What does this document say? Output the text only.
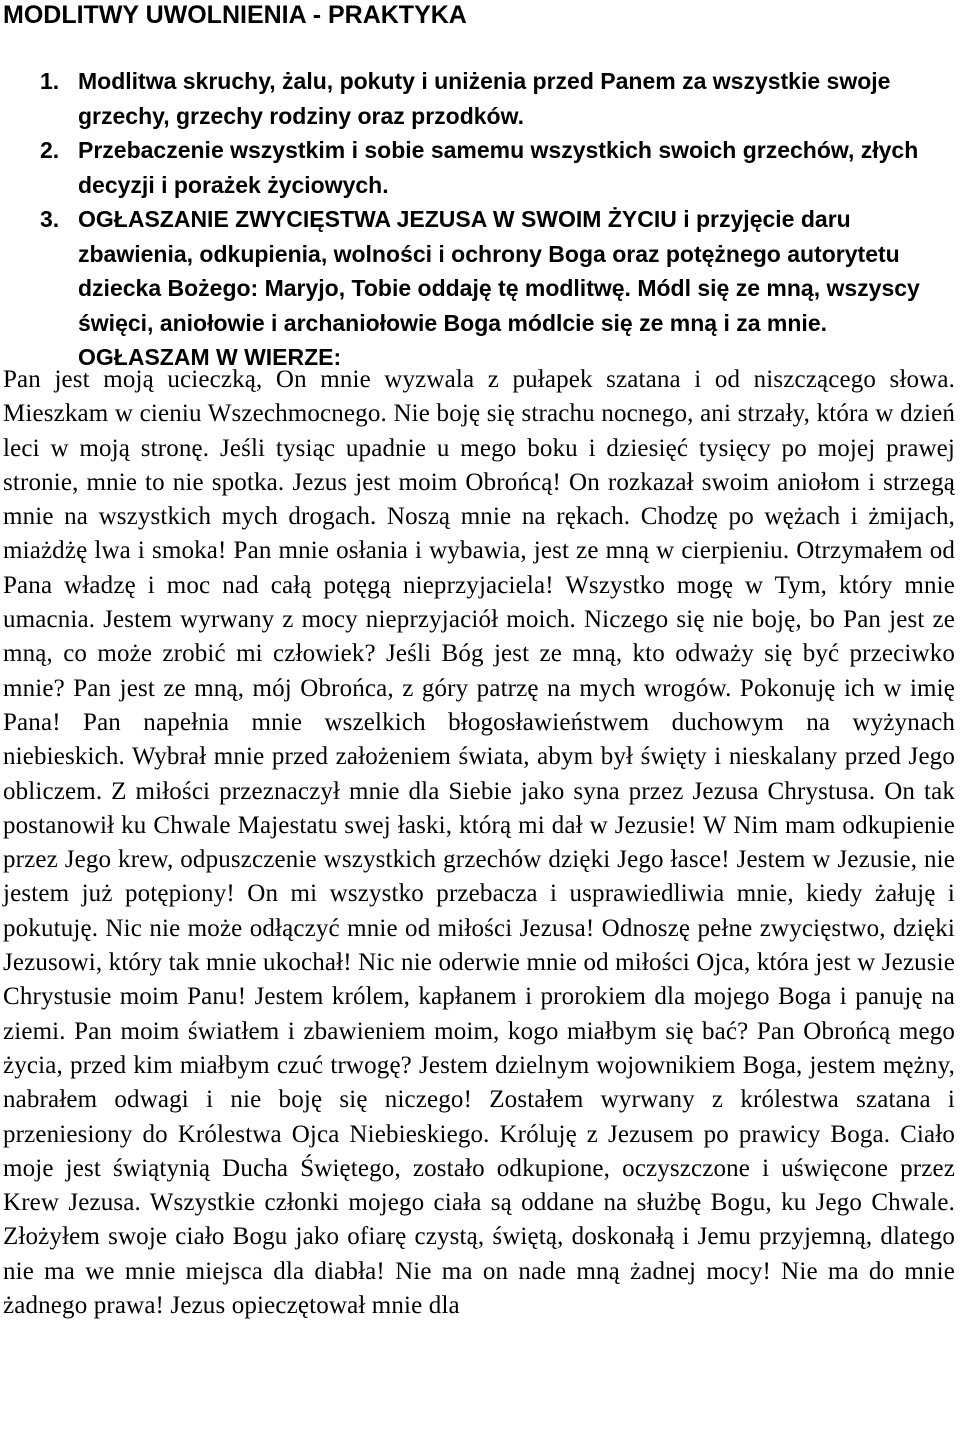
MODLITWY UWOLNIENIA - PRAKTYKA
1. Modlitwa skruchy, żalu, pokuty i uniżenia przed Panem za wszystkie swoje grzechy, grzechy rodziny oraz przodków.
2. Przebaczenie wszystkim i sobie samemu wszystkich swoich grzechów, złych decyzji i porażek życiowych.
3. OGŁASZANIE ZWYCIĘSTWA JEZUSA W SWOIM ŻYCIU i przyjęcie daru zbawienia, odkupienia, wolności i ochrony Boga oraz potężnego autorytetu dziecka Bożego: Maryjo, Tobie oddaję tę modlitwę. Módl się ze mną, wszyscy święci, aniołowie i archaniołowie Boga módlcie się ze mną i za mnie. OGŁASZAM W WIERZE:

Pan jest moją ucieczką, On mnie wyzwala z pułapek szatana i od niszczącego słowa. Mieszkam w cieniu Wszechmocnego. Nie boję się strachu nocnego, ani strzały, która w dzień leci w moją stronę. Jeśli tysiąc upadnie u mego boku i dziesięć tysięcy po mojej prawej stronie, mnie to nie spotka. Jezus jest moim Obrońcą! On rozkazał swoim aniołom i strzegą mnie na wszystkich mych drogach. Noszą mnie na rękach. Chodzę po wężach i żmijach, miażdżę lwa i smoka! Pan mnie osłania i wybawia, jest ze mną w cierpieniu. Otrzymałem od Pana władzę i moc nad całą potęgą nieprzyjaciela! Wszystko mogę w Tym, który mnie umacnia. Jestem wyrwany z mocy nieprzyjaciół moich. Niczego się nie boję, bo Pan jest ze mną, co może zrobić mi człowiek? Jeśli Bóg jest ze mną, kto odważy się być przeciwko mnie? Pan jest ze mną, mój Obrońca, z góry patrzę na mych wrogów. Pokonuję ich w imię Pana! Pan napełnia mnie wszelkich błogosławieństwem duchowym na wyżynach niebieskich. Wybrał mnie przed założeniem świata, abym był święty i nieskalany przed Jego obliczem. Z miłości przeznaczył mnie dla Siebie jako syna przez Jezusa Chrystusa. On tak postanowił ku Chwale Majestatu swej łaski, którą mi dał w Jezusie! W Nim mam odkupienie przez Jego krew, odpuszczenie wszystkich grzechów dzięki Jego łasce! Jestem w Jezusie, nie jestem już potępiony! On mi wszystko przebacza i usprawiedliwia mnie, kiedy żałuję i pokutuję. Nic nie może odłączyć mnie od miłości Jezusa! Odnoszę pełne zwycięstwo, dzięki Jezusowi, który tak mnie ukochał! Nic nie oderwie mnie od miłości Ojca, która jest w Jezusie Chrystusie moim Panu! Jestem królem, kapłanem i prorokiem dla mojego Boga i panuję na ziemi. Pan moim światłem i zbawieniem moim, kogo miałbym się bać? Pan Obrońcą mego życia, przed kim miałbym czuć trwogę? Jestem dzielnym wojownikiem Boga, jestem mężny, nabrałem odwagi i nie boję się niczego! Zostałem wyrwany z królestwa szatana i przeniesiony do Królestwa Ojca Niebieskiego. Króluję z Jezusem po prawicy Boga. Ciało moje jest świątynią Ducha Świętego, zostało odkupione, oczyszczone i uświęcone przez Krew Jezusa. Wszystkie członki mojego ciała są oddane na służbę Bogu, ku Jego Chwale. Złożyłem swoje ciało Bogu jako ofiarę czystą, świętą, doskonałą i Jemu przyjemną, dlatego nie ma we mnie miejsca dla diabła! Nie ma on nade mną żadnej mocy! Nie ma do mnie żadnego prawa! Jezus opieczętował mnie dla
